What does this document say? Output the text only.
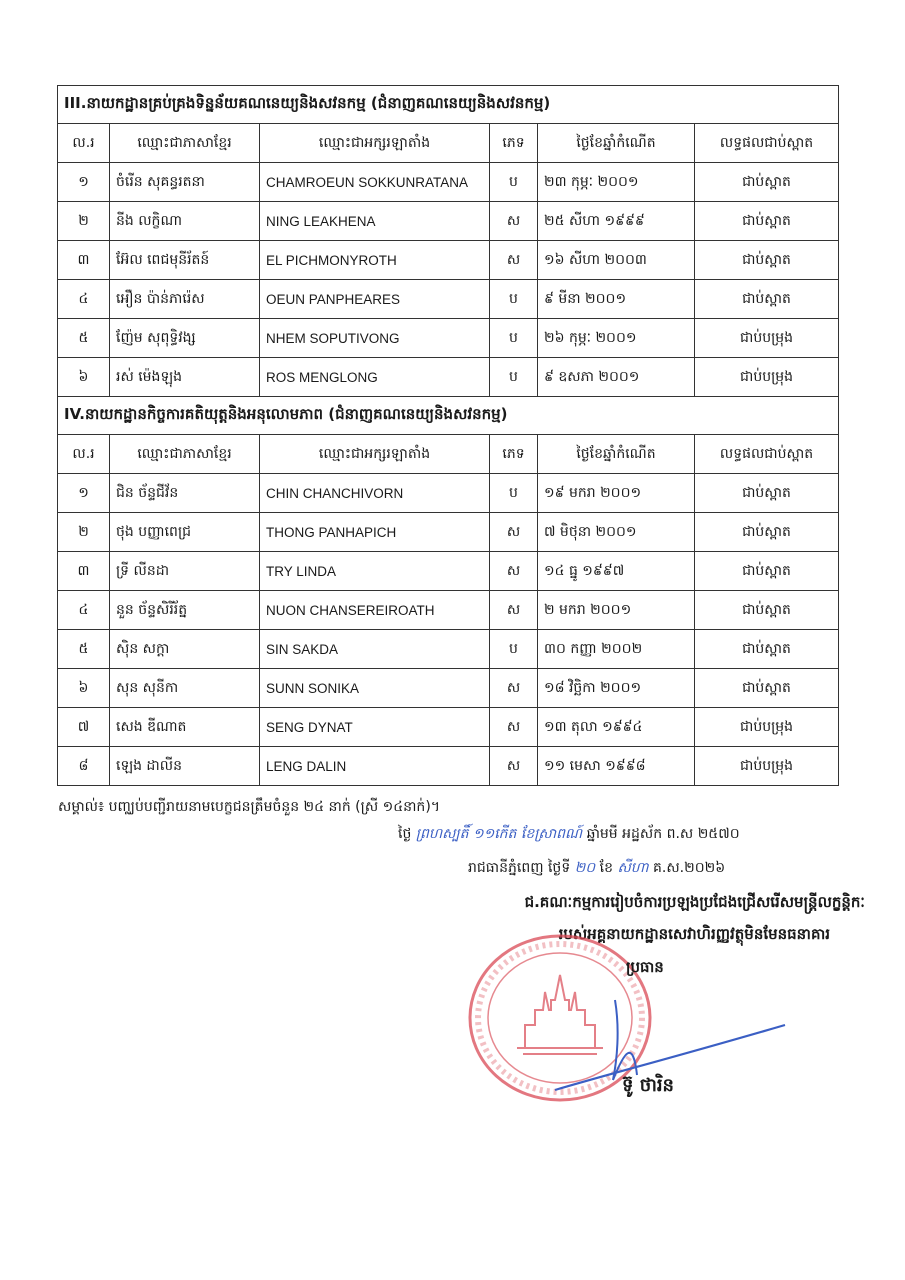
III.នាយកដ្ឋានគ្រប់គ្រងទិន្នន័យគណនេយ្យនិងសវនកម្ម (ជំនាញគណនេយ្យនិងសវនកម្ម)					
ល.រ	ឈ្មោះជាភាសាខ្មែរ	ឈ្មោះជាអក្សរឡាតាំង	ភេទ	ថ្ងៃខែឆ្នាំកំណើត	លទ្ធផលជាប់ស្ពាត
១	ចំរើន សុគន្ធរតនា	CHAMROEUN SOKKUNRATANA	ប	២៣ កុម្ភៈ ២០០១	ជាប់ស្ពាត
២	នីង លក្ខិណា	NING LEAKHENA	ស	២៥ សីហា ១៩៩៩	ជាប់ស្ពាត
៣	អ៊ែល ពេជមុនីរ័តន៍	EL PICHMONYROTH	ស	១៦ សីហា ២០០៣	ជាប់ស្ពាត
៤	អឿន ប៉ាន់ភារ៉េស	OEUN PANPHEARES	ប	៩ មីនា ២០០១	ជាប់ស្ពាត
៥	ញ៉ែម សុពុទ្ធិវង្ស	NHEM SOPUTIVONG	ប	២៦ កុម្ភៈ ២០០១	ជាប់បម្រុង
៦	រស់ ម៉េងឡុង	ROS MENGLONG	ប	៩ ឧសភា ២០០១	ជាប់បម្រុង
IV.នាយកដ្ឋានកិច្ចការគតិយុត្តនិងអនុលោមភាព (ជំនាញគណនេយ្យនិងសវនកម្ម)					
ល.រ	ឈ្មោះជាភាសាខ្មែរ	ឈ្មោះជាអក្សរឡាតាំង	ភេទ	ថ្ងៃខែឆ្នាំកំណើត	លទ្ធផលជាប់ស្ពាត
១	ជិន ច័ន្ទជីវ័ន	CHIN CHANCHIVORN	ប	១៩ មករា ២០០១	ជាប់ស្ពាត
២	ថុង បញ្ញាពេជ្រ	THONG PANHAPICH	ស	៧ មិថុនា ២០០១	ជាប់ស្ពាត
៣	ទ្រី លីនដា	TRY LINDA	ស	១៤ ធ្នូ ១៩៩៧	ជាប់ស្ពាត
៤	នួន ច័ន្ទសិរីរ័ត្ន	NUON CHANSEREIROATH	ស	២ មករា ២០០១	ជាប់ស្ពាត
៥	ស៊ិន សក្តា	SIN SAKDA	ប	៣០ កញ្ញា ២០០២	ជាប់ស្ពាត
៦	សុន សុនីកា	SUNN SONIKA	ស	១៨ វិច្ឆិកា ២០០១	ជាប់ស្ពាត
៧	សេង ឌីណាត	SENG DYNAT	ស	១៣ តុលា ១៩៩៤	ជាប់បម្រុង
៨	ឡេង ដាលីន	LENG DALIN	ស	១១ មេសា ១៩៩៨	ជាប់បម្រុង
សម្គាល់៖ បញ្ឈប់បញ្ជីរាយនាមបេក្ខជនត្រឹមចំនួន ២៤ នាក់ (ស្រី ១៤នាក់)។
ថ្ងៃ ព្រហស្បតិ៍ ១១កើត ខែស្រាពណ៍ ឆ្នាំមមី អដ្ឋស័ក ព.ស ២៥៧០
រាជធានីភ្នំពេញ ថ្ងៃទី ២០ ខែ សីហា គ.ស.២០២៦
ជ.គណៈកម្មការរៀបចំការប្រឡងប្រជែងជ្រើសរើសមន្ត្រីលក្ខន្តិកៈ
របស់អគ្គនាយកដ្ឋានសេវាហិរញ្ញវត្ថុមិនមែនធនាគារ
ប្រធាន
ទ៊ូ ថារិន
